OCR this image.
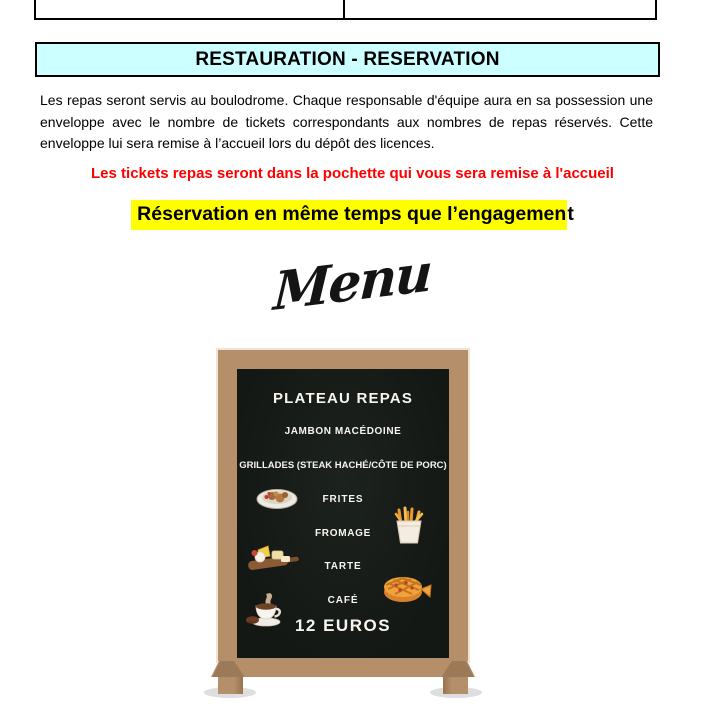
RESTAURATION - RESERVATION
Les repas seront servis au boulodrome. Chaque responsable d'équipe aura en sa possession une enveloppe avec le nombre de tickets correspondants aux nombres de repas réservés. Cette enveloppe lui sera remise à l’accueil lors du dépôt des licences.
Les tickets repas seront dans la pochette qui vous sera remise à l'accueil
Réservation en même temps que l’engagement
Menu
PLATEAU REPAS
JAMBON MACÉDOINE
GRILLADES (STEAK HACHÉ/CÔTE DE PORC)
FRITES
FROMAGE
TARTE
CAFÉ
12 EUROS
